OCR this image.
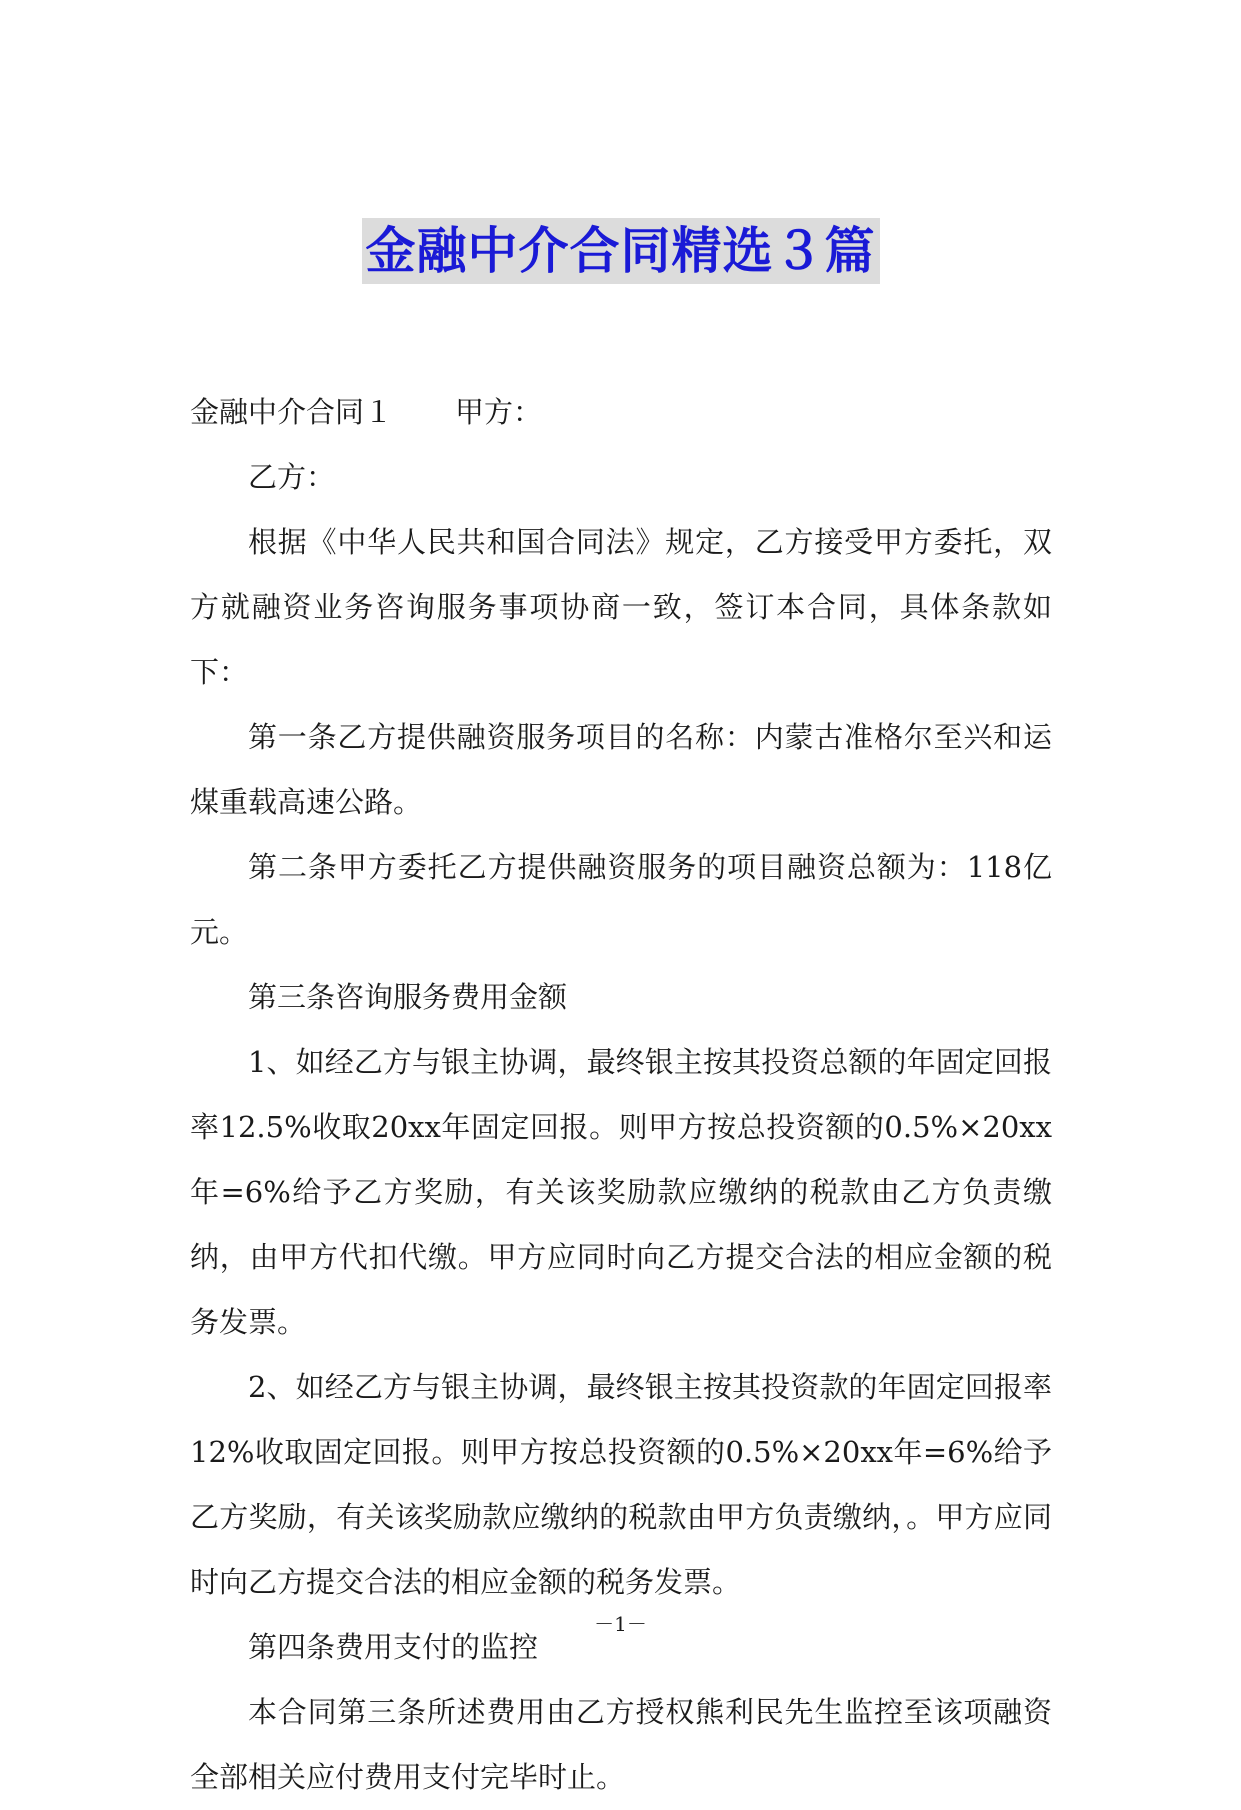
金融中介合同精选３篇

金融中介合同１ 甲方：

乙方：

根据《中华人民共和国合同法》规定，乙方接受甲方委托，双方就融资业务咨询服务事项协商一致，签订本合同，具体条款如下：

第一条乙方提供融资服务项目的名称：内蒙古准格尔至兴和运煤重载高速公路。

第二条甲方委托乙方提供融资服务的项目融资总额为：118亿元。

第三条咨询服务费用金额

1、如经乙方与银主协调，最终银主按其投资总额的年固定回报率12.5%收取20xx年固定回报。则甲方按总投资额的0.5%×20xx年=6%给予乙方奖励，有关该奖励款应缴纳的税款由乙方负责缴纳，由甲方代扣代缴。甲方应同时向乙方提交合法的相应金额的税务发票。

2、如经乙方与银主协调，最终银主按其投资款的年固定回报率12%收取固定回报。则甲方按总投资额的0.5%×20xx年=6%给予乙方奖励，有关该奖励款应缴纳的税款由甲方负责缴纳，。甲方应同时向乙方提交合法的相应金额的税务发票。

第四条费用支付的监控

本合同第三条所述费用由乙方授权熊利民先生监控至该项融资全部相关应付费用支付完毕时止。

－1－
